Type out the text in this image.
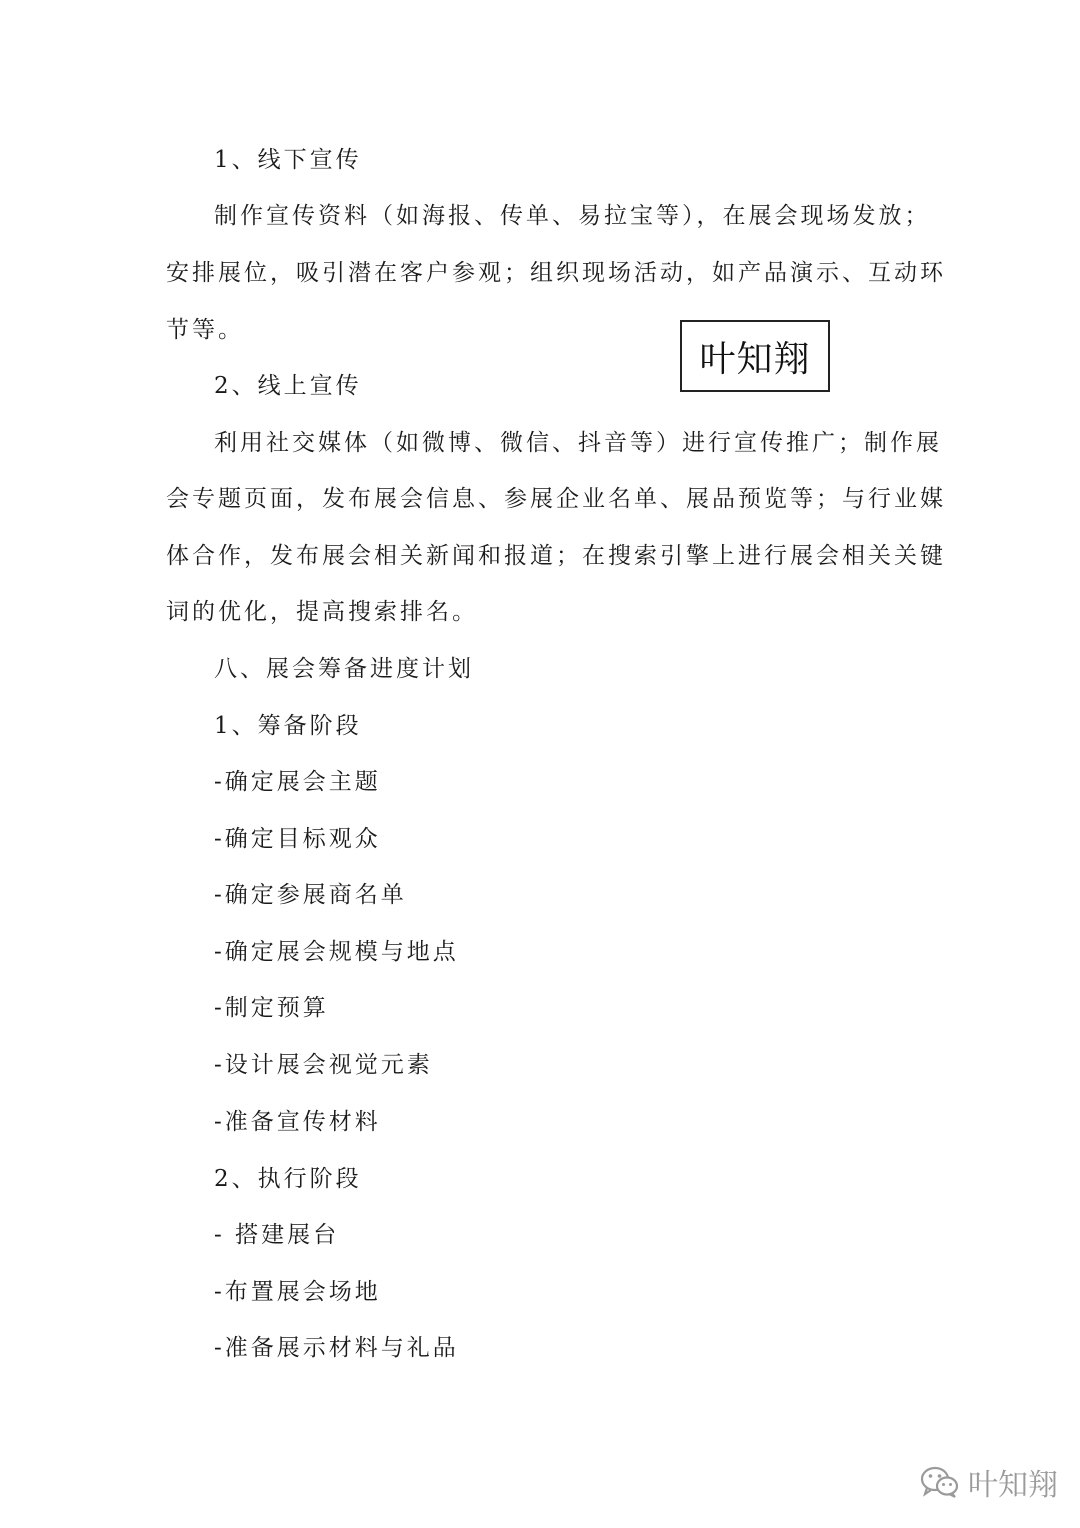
1、线下宣传
制作宣传资料（如海报、传单、易拉宝等），在展会现场发放；
安排展位，吸引潜在客户参观；组织现场活动，如产品演示、互动环
节等。
叶知翔
2、线上宣传
利用社交媒体（如微博、微信、抖音等）进行宣传推广；制作展
会专题页面，发布展会信息、参展企业名单、展品预览等；与行业媒
体合作，发布展会相关新闻和报道；在搜索引擎上进行展会相关关键
词的优化，提高搜索排名。
八、展会筹备进度计划
1、筹备阶段
-确定展会主题
-确定目标观众
-确定参展商名单
-确定展会规模与地点
-制定预算
-设计展会视觉元素
-准备宣传材料
2、执行阶段
- 搭建展台
-布置展会场地
-准备展示材料与礼品
叶知翔
